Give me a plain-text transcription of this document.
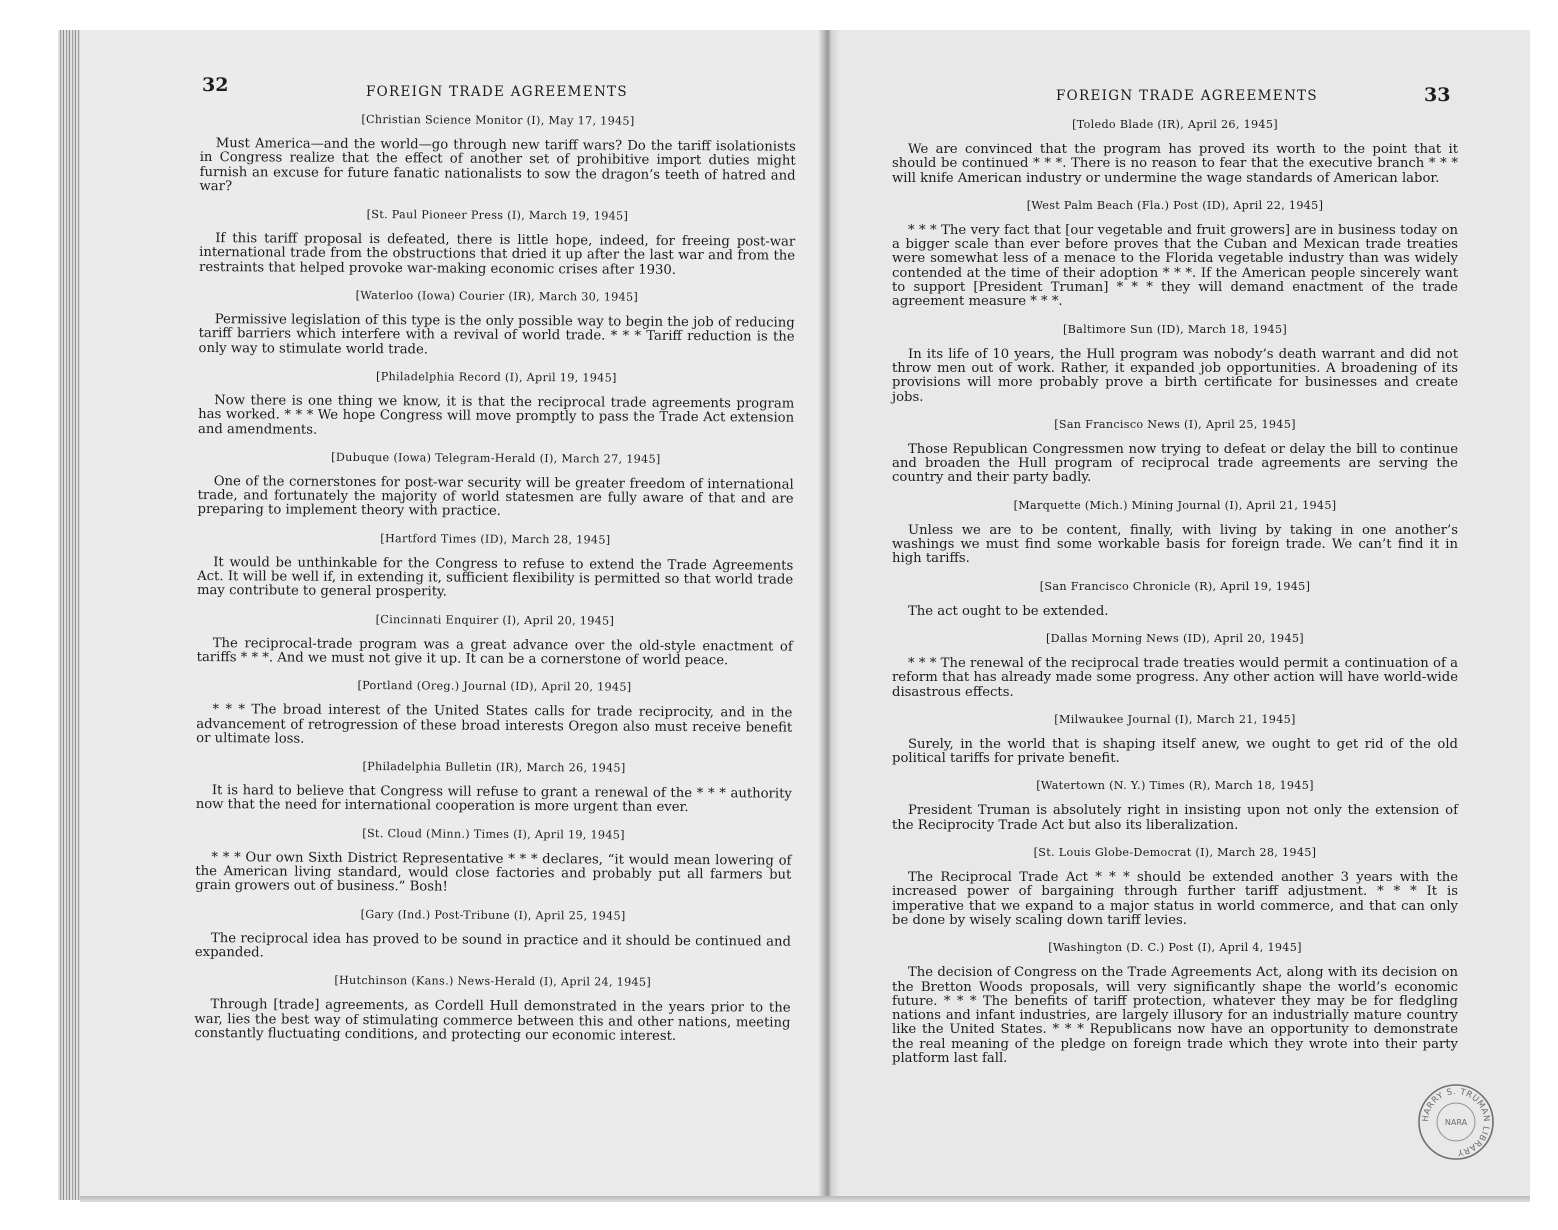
32	FOREIGN TRADE AGREEMENTS
[Christian Science Monitor (I), May 17, 1945]
Must America—and the world—go through new tariff wars? Do the tariff isolationists in Congress realize that the effect of another set of prohibitive import duties might furnish an excuse for future fanatic nationalists to sow the dragon’s teeth of hatred and war?
[St. Paul Pioneer Press (I), March 19, 1945]
If this tariff proposal is defeated, there is little hope, indeed, for freeing post-war international trade from the obstructions that dried it up after the last war and from the restraints that helped provoke war-making economic crises after 1930.
[Waterloo (Iowa) Courier (IR), March 30, 1945]
Permissive legislation of this type is the only possible way to begin the job of reducing tariff barriers which interfere with a revival of world trade. * * * Tariff reduction is the only way to stimulate world trade.
[Philadelphia Record (I), April 19, 1945]
Now there is one thing we know, it is that the reciprocal trade agreements program has worked. * * * We hope Congress will move promptly to pass the Trade Act extension and amendments.
[Dubuque (Iowa) Telegram-Herald (I), March 27, 1945]
One of the cornerstones for post-war security will be greater freedom of international trade, and fortunately the majority of world statesmen are fully aware of that and are preparing to implement theory with practice.
[Hartford Times (ID), March 28, 1945]
It would be unthinkable for the Congress to refuse to extend the Trade Agreements Act. It will be well if, in extending it, sufficient flexibility is permitted so that world trade may contribute to general prosperity.
[Cincinnati Enquirer (I), April 20, 1945]
The reciprocal-trade program was a great advance over the old-style enactment of tariffs * * *. And we must not give it up. It can be a cornerstone of world peace.
[Portland (Oreg.) Journal (ID), April 20, 1945]
* * * The broad interest of the United States calls for trade reciprocity, and in the advancement of retrogression of these broad interests Oregon also must receive benefit or ultimate loss.
[Philadelphia Bulletin (IR), March 26, 1945]
It is hard to believe that Congress will refuse to grant a renewal of the * * * authority now that the need for international cooperation is more urgent than ever.
[St. Cloud (Minn.) Times (I), April 19, 1945]
* * * Our own Sixth District Representative * * * declares, “it would mean lowering of the American living standard, would close factories and probably put all farmers but grain growers out of business.” Bosh!
[Gary (Ind.) Post-Tribune (I), April 25, 1945]
The reciprocal idea has proved to be sound in practice and it should be continued and expanded.
[Hutchinson (Kans.) News-Herald (I), April 24, 1945]
Through [trade] agreements, as Cordell Hull demonstrated in the years prior to the war, lies the best way of stimulating commerce between this and other nations, meeting constantly fluctuating conditions, and protecting our economic interest.
FOREIGN TRADE AGREEMENTS	33
[Toledo Blade (IR), April 26, 1945]
We are convinced that the program has proved its worth to the point that it should be continued * * *. There is no reason to fear that the executive branch * * * will knife American industry or undermine the wage standards of American labor.
[West Palm Beach (Fla.) Post (ID), April 22, 1945]
* * * The very fact that [our vegetable and fruit growers] are in business today on a bigger scale than ever before proves that the Cuban and Mexican trade treaties were somewhat less of a menace to the Florida vegetable industry than was widely contended at the time of their adoption * * *. If the American people sincerely want to support [President Truman] * * * they will demand enactment of the trade agreement measure * * *.
[Baltimore Sun (ID), March 18, 1945]
In its life of 10 years, the Hull program was nobody’s death warrant and did not throw men out of work. Rather, it expanded job opportunities. A broadening of its provisions will more probably prove a birth certificate for businesses and create jobs.
[San Francisco News (I), April 25, 1945]
Those Republican Congressmen now trying to defeat or delay the bill to continue and broaden the Hull program of reciprocal trade agreements are serving the country and their party badly.
[Marquette (Mich.) Mining Journal (I), April 21, 1945]
Unless we are to be content, finally, with living by taking in one another’s washings we must find some workable basis for foreign trade. We can’t find it in high tariffs.
[San Francisco Chronicle (R), April 19, 1945]
The act ought to be extended.
[Dallas Morning News (ID), April 20, 1945]
* * * The renewal of the reciprocal trade treaties would permit a continuation of a reform that has already made some progress. Any other action will have world-wide disastrous effects.
[Milwaukee Journal (I), March 21, 1945]
Surely, in the world that is shaping itself anew, we ought to get rid of the old political tariffs for private benefit.
[Watertown (N. Y.) Times (R), March 18, 1945]
President Truman is absolutely right in insisting upon not only the extension of the Reciprocity Trade Act but also its liberalization.
[St. Louis Globe-Democrat (I), March 28, 1945]
The Reciprocal Trade Act * * * should be extended another 3 years with the increased power of bargaining through further tariff adjustment. * * * It is imperative that we expand to a major status in world commerce, and that can only be done by wisely scaling down tariff levies.
[Washington (D. C.) Post (I), April 4, 1945]
The decision of Congress on the Trade Agreements Act, along with its decision on the Bretton Woods proposals, will very significantly shape the world’s economic future. * * * The benefits of tariff protection, whatever they may be for fledgling nations and infant industries, are largely illusory for an industrially mature country like the United States. * * * Republicans now have an opportunity to demonstrate the real meaning of the pledge on foreign trade which they wrote into their party platform last fall.
HARRY S. TRUMAN LIBRARY
NARA
